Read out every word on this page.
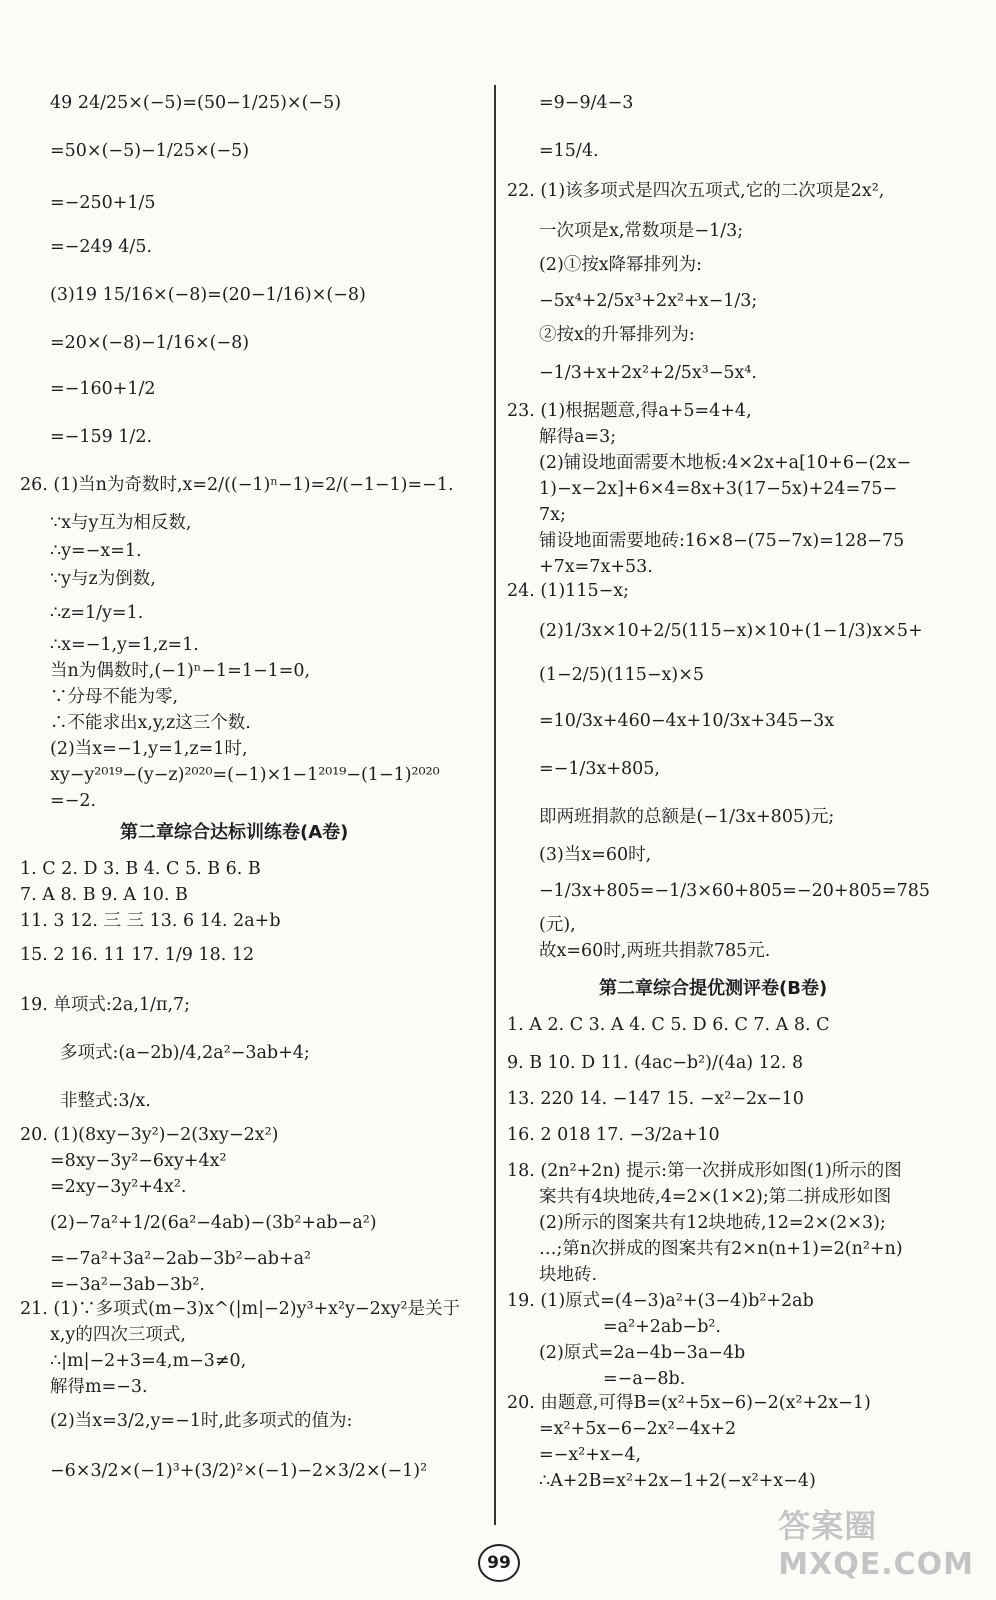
第二章综合达标训练卷(A卷)
49 24/25×(−5)=(50−1/25)×(−5)
=50×(−5)−1/25×(−5)
=−250+1/5
=−249 4/5.
(3)19 15/16×(−8)=(20−1/16)×(−8)
=20×(−8)−1/16×(−8)
=−160+1/2
=−159 1/2.
26. (1)当n为奇数时,x=2/((−1)ⁿ−1)=2/(−1−1)=−1.
∵x与y互为相反数,
∴y=−x=1.
∵y与z为倒数,
∴z=1/y=1.
∴x=−1,y=1,z=1.
当n为偶数时,(−1)ⁿ−1=1−1=0,
∵分母不能为零,
∴不能求出x,y,z这三个数.
(2)当x=−1,y=1,z=1时,
xy−y²⁰¹⁹−(y−z)²⁰²⁰=(−1)×1−1²⁰¹⁹−(1−1)²⁰²⁰
=−2.
1. C 2. D 3. B 4. C 5. B 6. B
7. A 8. B 9. A 10. B
11. 3 12. 三 三 13. 6 14. 2a+b
15. 2 16. 11 17. 1/9 18. 12
19. 单项式:2a,1/π,7;
多项式:(a−2b)/4,2a²−3ab+4;
非整式:3/x.
20. (1)(8xy−3y²)−2(3xy−2x²)
=8xy−3y²−6xy+4x²
=2xy−3y²+4x².
(2)−7a²+1/2(6a²−4ab)−(3b²+ab−a²)
=−7a²+3a²−2ab−3b²−ab+a²
=−3a²−3ab−3b².
21. (1)∵多项式(m−3)x^(|m|−2)y³+x²y−2xy²是关于
x,y的四次三项式,
∴|m|−2+3=4,m−3≠0,
解得m=−3.
(2)当x=3/2,y=−1时,此多项式的值为:
−6×3/2×(−1)³+(3/2)²×(−1)−2×3/2×(−1)²
第二章综合提优测评卷(B卷)
=9−9/4−3
=15/4.
22. (1)该多项式是四次五项式,它的二次项是2x²,
一次项是x,常数项是−1/3;
(2)①按x降幂排列为:
−5x⁴+2/5x³+2x²+x−1/3;
②按x的升幂排列为:
−1/3+x+2x²+2/5x³−5x⁴.
23. (1)根据题意,得a+5=4+4,
解得a=3;
(2)铺设地面需要木地板:4×2x+a[10+6−(2x−
1)−x−2x]+6×4=8x+3(17−5x)+24=75−
7x;
铺设地面需要地砖:16×8−(75−7x)=128−75
+7x=7x+53.
24. (1)115−x;
(2)1/3x×10+2/5(115−x)×10+(1−1/3)x×5+
(1−2/5)(115−x)×5
=10/3x+460−4x+10/3x+345−3x
=−1/3x+805,
即两班捐款的总额是(−1/3x+805)元;
(3)当x=60时,
−1/3x+805=−1/3×60+805=−20+805=785
(元),
故x=60时,两班共捐款785元.
1. A 2. C 3. A 4. C 5. D 6. C 7. A 8. C
9. B 10. D 11. (4ac−b²)/(4a) 12. 8
13. 220 14. −147 15. −x²−2x−10
16. 2 018 17. −3/2a+10
18. (2n²+2n) 提示:第一次拼成形如图(1)所示的图
案共有4块地砖,4=2×(1×2);第二拼成形如图
(2)所示的图案共有12块地砖,12=2×(2×3);
…;第n次拼成的图案共有2×n(n+1)=2(n²+n)
块地砖.
19. (1)原式=(4−3)a²+(3−4)b²+2ab
=a²+2ab−b².
(2)原式=2a−4b−3a−4b
=−a−8b.
20. 由题意,可得B=(x²+5x−6)−2(x²+2x−1)
=x²+5x−6−2x²−4x+2
=−x²+x−4,
∴A+2B=x²+2x−1+2(−x²+x−4)
99
答案圈
MXQE.COM
